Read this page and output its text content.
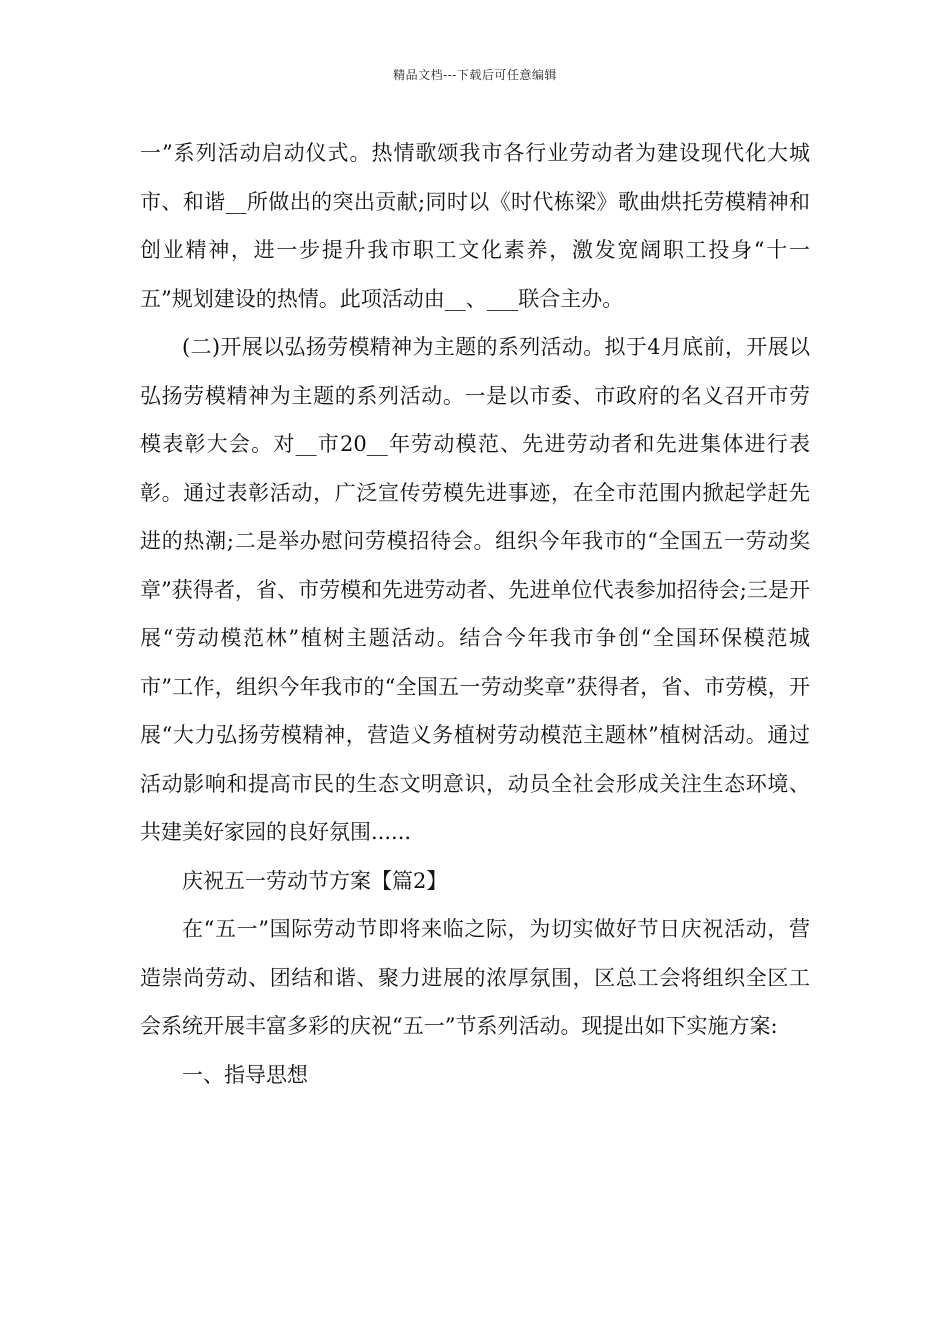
精品文档---下载后可任意编辑

一”系列活动启动仪式。热情歌颂我市各行业劳动者为建设现代化大城市、和谐__所做出的突出贡献;同时以《时代栋梁》歌曲烘托劳模精神和创业精神，进一步提升我市职工文化素养，激发宽阔职工投身“十一五”规划建设的热情。此项活动由__、___联合主办。

(二)开展以弘扬劳模精神为主题的系列活动。拟于4月底前，开展以弘扬劳模精神为主题的系列活动。一是以市委、市政府的名义召开市劳模表彰大会。对__市20__年劳动模范、先进劳动者和先进集体进行表彰。通过表彰活动，广泛宣传劳模先进事迹，在全市范围内掀起学赶先进的热潮;二是举办慰问劳模招待会。组织今年我市的“全国五一劳动奖章”获得者，省、市劳模和先进劳动者、先进单位代表参加招待会;三是开展“劳动模范林”植树主题活动。结合今年我市争创“全国环保模范城市”工作，组织今年我市的“全国五一劳动奖章”获得者，省、市劳模，开展“大力弘扬劳模精神，营造义务植树劳动模范主题林”植树活动。通过活动影响和提高市民的生态文明意识，动员全社会形成关注生态环境、共建美好家园的良好氛围......

庆祝五一劳动节方案【篇2】

在“五一”国际劳动节即将来临之际，为切实做好节日庆祝活动，营造崇尚劳动、团结和谐、聚力进展的浓厚氛围，区总工会将组织全区工会系统开展丰富多彩的庆祝“五一”节系列活动。现提出如下实施方案:

一、指导思想
